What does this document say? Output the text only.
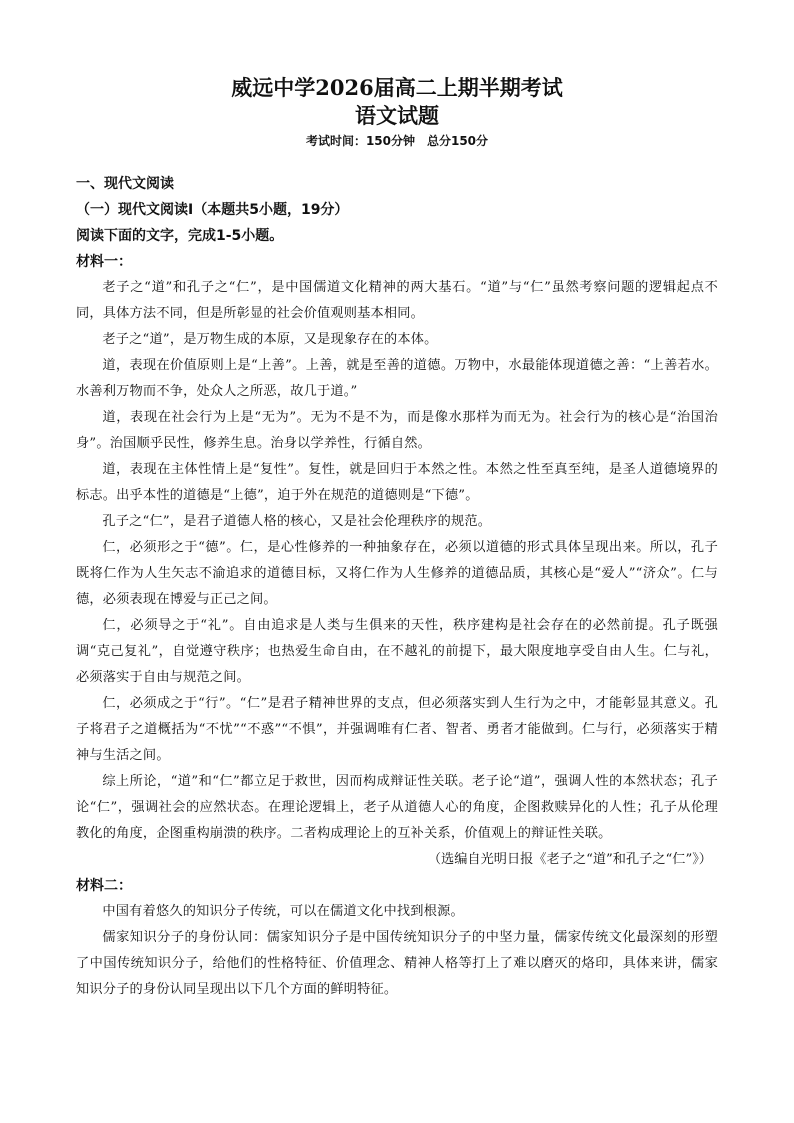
威远中学2026届高二上期半期考试
语文试题

考试时间：150分钟　总分150分

一、现代文阅读

（一）现代文阅读Ⅰ（本题共5小题，19分）

阅读下面的文字，完成1-5小题。

材料一：

老子之“道”和孔子之“仁”，是中国儒道文化精神的两大基石。“道”与“仁”虽然考察问题的逻辑起点不同，具体方法不同，但是所彰显的社会价值观则基本相同。

老子之“道”，是万物生成的本原，又是现象存在的本体。

道，表现在价值原则上是“上善”。上善，就是至善的道德。万物中，水最能体现道德之善：“上善若水。水善利万物而不争，处众人之所恶，故几于道。”

道，表现在社会行为上是“无为”。无为不是不为，而是像水那样为而无为。社会行为的核心是“治国治身”。治国顺乎民性，修养生息。治身以学养性，行循自然。

道，表现在主体性情上是“复性”。复性，就是回归于本然之性。本然之性至真至纯，是圣人道德境界的标志。出乎本性的道德是“上德”，迫于外在规范的道德则是“下德”。

孔子之“仁”，是君子道德人格的核心，又是社会伦理秩序的规范。

仁，必须形之于“德”。仁，是心性修养的一种抽象存在，必须以道德的形式具体呈现出来。所以，孔子既将仁作为人生矢志不渝追求的道德目标，又将仁作为人生修养的道德品质，其核心是“爱人”“济众”。仁与德，必须表现在博爱与正己之间。

仁，必须导之于“礼”。自由追求是人类与生俱来的天性，秩序建构是社会存在的必然前提。孔子既强调“克己复礼”，自觉遵守秩序；也热爱生命自由，在不越礼的前提下，最大限度地享受自由人生。仁与礼，必须落实于自由与规范之间。

仁，必须成之于“行”。“仁”是君子精神世界的支点，但必须落实到人生行为之中，才能彰显其意义。孔子将君子之道概括为“不忧”“不惑”“不惧”，并强调唯有仁者、智者、勇者才能做到。仁与行，必须落实于精神与生活之间。

综上所论，“道”和“仁”都立足于救世，因而构成辩证性关联。老子论“道”，强调人性的本然状态；孔子论“仁”，强调社会的应然状态。在理论逻辑上，老子从道德人心的角度，企图救赎异化的人性；孔子从伦理教化的角度，企图重构崩溃的秩序。二者构成理论上的互补关系，价值观上的辩证性关联。

（选编自光明日报《老子之“道”和孔子之“仁”》）

材料二：

中国有着悠久的知识分子传统，可以在儒道文化中找到根源。

儒家知识分子的身份认同：儒家知识分子是中国传统知识分子的中坚力量，儒家传统文化最深刻的形塑了中国传统知识分子，给他们的性格特征、价值理念、精神人格等打上了难以磨灭的烙印，具体来讲，儒家知识分子的身份认同呈现出以下几个方面的鲜明特征。
